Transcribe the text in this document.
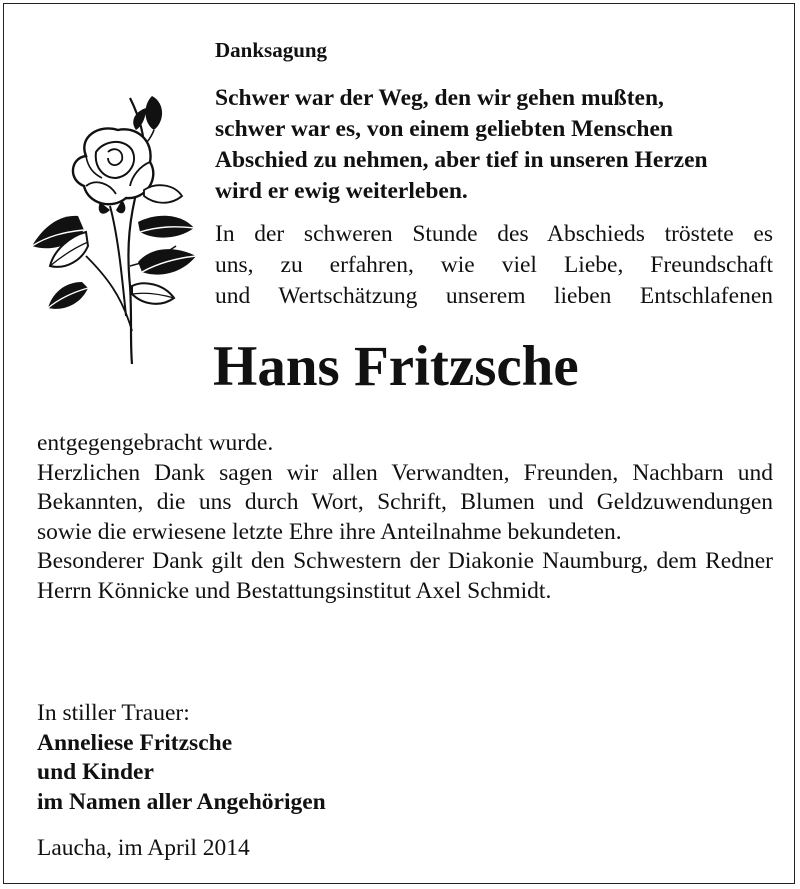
Danksagung

Schwer war der Weg, den wir gehen mußten,
schwer war es, von einem geliebten Menschen
Abschied zu nehmen, aber tief in unseren Herzen
wird er ewig weiterleben.

In der schweren Stunde des Abschieds tröstete es
uns, zu erfahren, wie viel Liebe, Freundschaft
und Wertschätzung unserem lieben Entschlafenen

Hans Fritzsche

entgegengebracht wurde.

Herzlichen Dank sagen wir allen Verwandten, Freunden, Nachbarn und Bekannten, die uns durch Wort, Schrift, Blumen und Geldzuwendungen sowie die erwiesene letzte Ehre ihre Anteilnahme bekundeten.

Besonderer Dank gilt den Schwestern der Diakonie Naumburg, dem Redner Herrn Könnicke und Bestattungsinstitut Axel Schmidt.

In stiller Trauer:
Anneliese Fritzsche
und Kinder
im Namen aller Angehörigen

Laucha, im April 2014
